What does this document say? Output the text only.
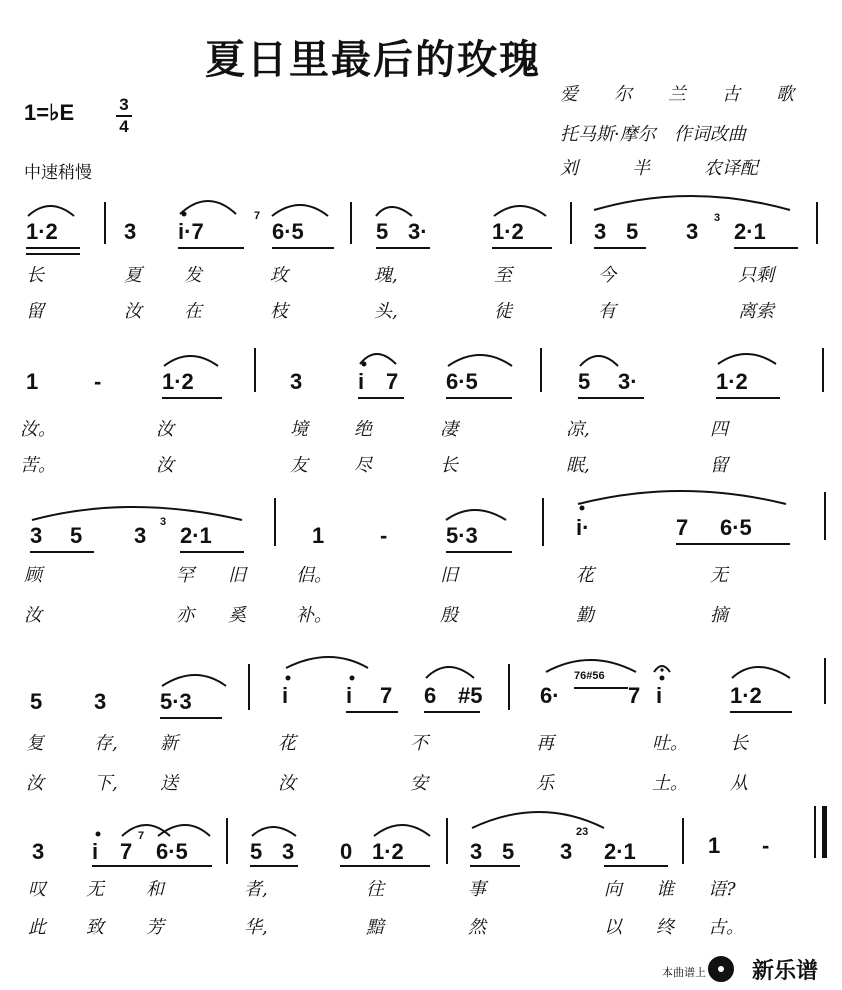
夏日里最后的玫瑰
1=♭E	3
4
中速稍慢
爱　　尔　　兰　　古　　歌
托马斯·摩尔　作词改曲
刘　　　半　　　农译配
1·2	3 i·7
7
6·5	5 3·	1·2	3 5 3
3
2·1
长	夏 发	玫	瑰,	至	今	只剩
留	汝 在	枝	头,	徒	有	离索
1	-	1·2	3	i 7 6·5	5 3·	1·2
汝。	汝	境	绝	凄	凉,	四
苦。	汝	友	尽	长	眠,	留
3 5 3
3
2·1	1	-	5·3	i·	7 6·5
顾	罕 旧	侣。	旧	花	无
汝	亦 奚	补。	殷	勤	摘
5 3 5·3	i	i 7 6 #5	6·
76#56
7 i	1·2
复	存, 新	花	不	再	吐。 长
汝	下, 送	汝	安	乐	土。 从
3 i 7
7
6·5	5 3 0 1·2	3 5 3
23
2·1	1 -
叹 无 和	者,	往	事	向 谁 语?
此 致 芳	华,	黯	然	以 终 古。
本曲谱上 新乐谱
